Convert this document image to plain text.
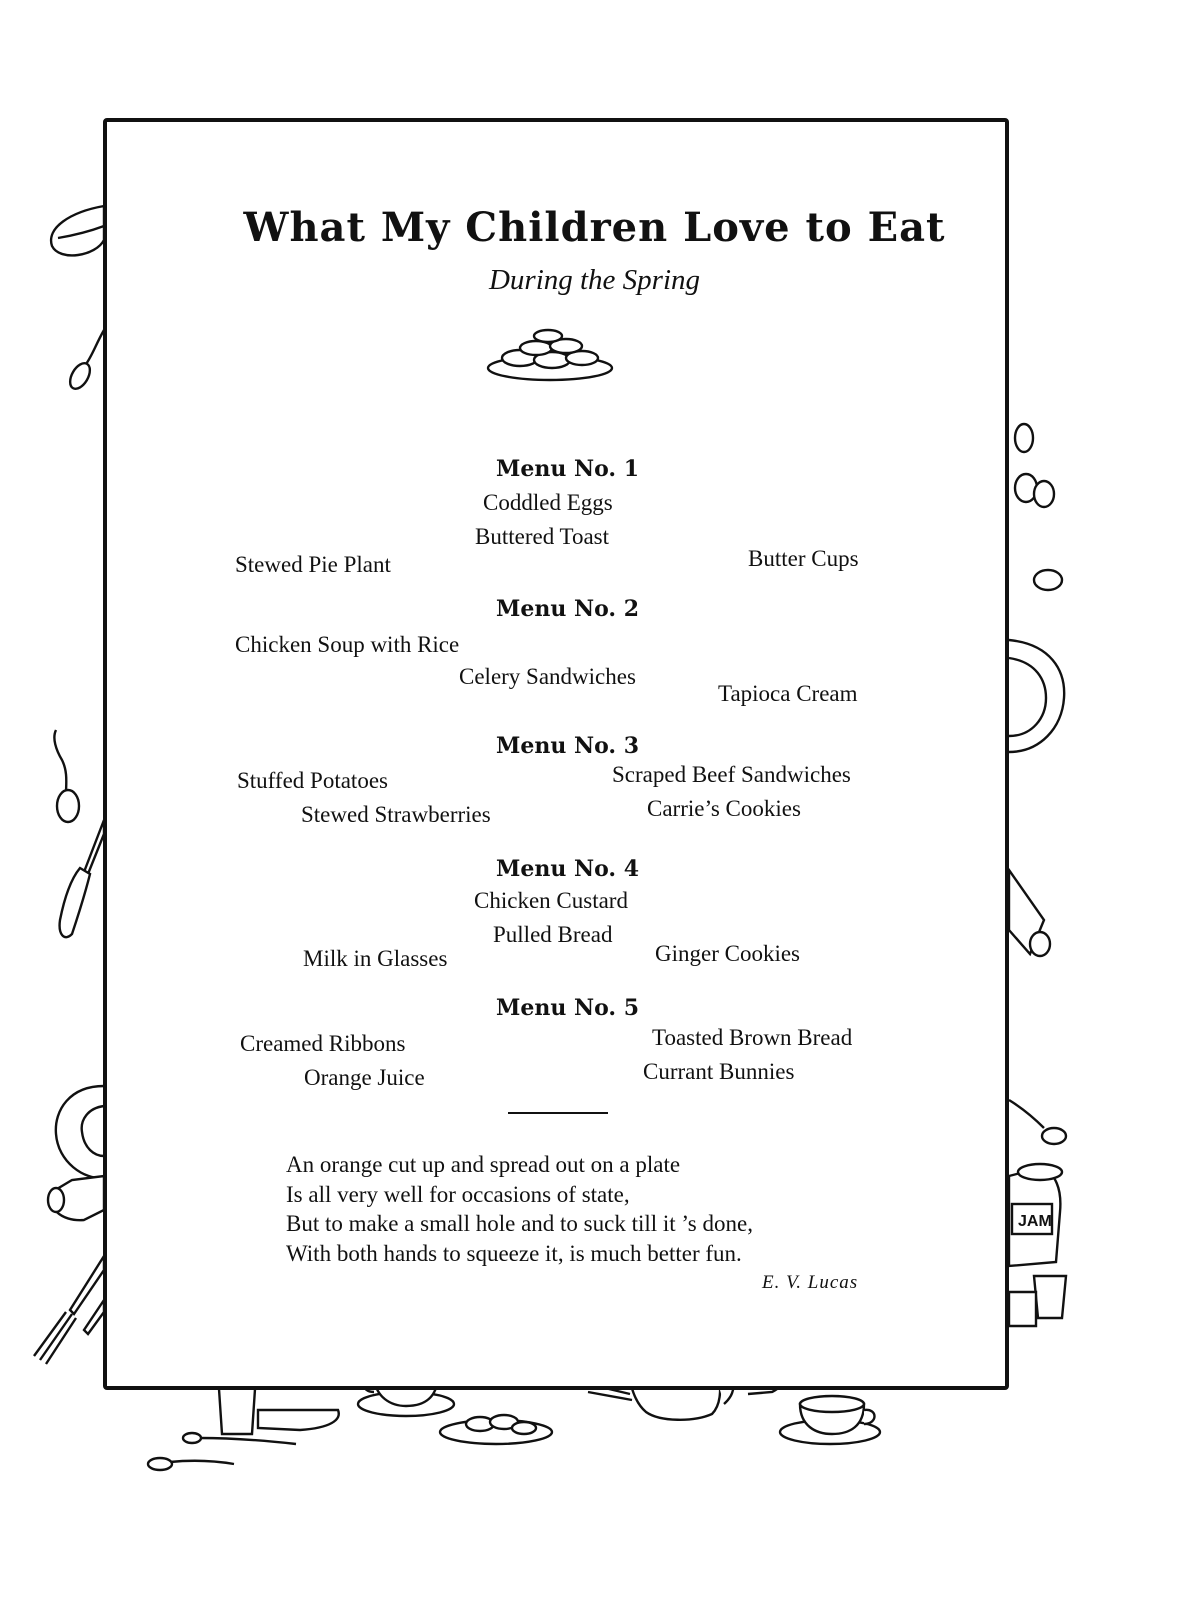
What My Children Love to Eat
During the Spring
Menu No. 1
Coddled Eggs
Buttered Toast
Stewed Pie Plant	Butter Cups
Menu No. 2
Chicken Soup with Rice
Celery Sandwiches
Tapioca Cream
Menu No. 3
Stuffed Potatoes	Scraped Beef Sandwiches
Stewed Strawberries	Carrie’s Cookies
Menu No. 4
Chicken Custard
Pulled Bread
Milk in Glasses	Ginger Cookies
Menu No. 5
Creamed Ribbons	Toasted Brown Bread
Orange Juice	Currant Bunnies
An orange cut up and spread out on a plate
Is all very well for occasions of state,
But to make a small hole and to suck till it ’s done,
With both hands to squeeze it, is much better fun.
E. V. Lucas
JAM
